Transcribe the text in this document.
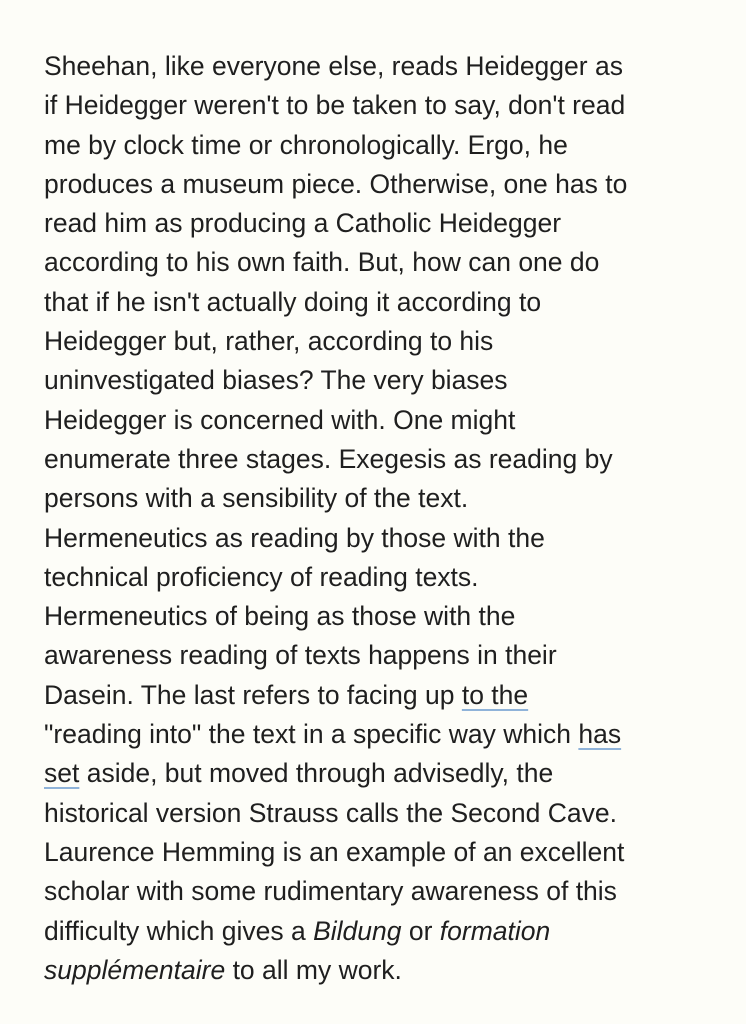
Sheehan, like everyone else, reads Heidegger as
if Heidegger weren't to be taken to say, don't read
me by clock time or chronologically. Ergo, he
produces a museum piece. Otherwise, one has to
read him as producing a Catholic Heidegger
according to his own faith. But, how can one do
that if he isn't actually doing it according to
Heidegger but, rather, according to his
uninvestigated biases? The very biases
Heidegger is concerned with. One might
enumerate three stages. Exegesis as reading by
persons with a sensibility of the text.
Hermeneutics as reading by those with the
technical proficiency of reading texts.
Hermeneutics of being as those with the
awareness reading of texts happens in their
Dasein. The last refers to facing up to the
"reading into" the text in a specific way which has
set aside, but moved through advisedly, the
historical version Strauss calls the Second Cave.
Laurence Hemming is an example of an excellent
scholar with some rudimentary awareness of this
difficulty which gives a Bildung or formation
supplémentaire to all my work.
